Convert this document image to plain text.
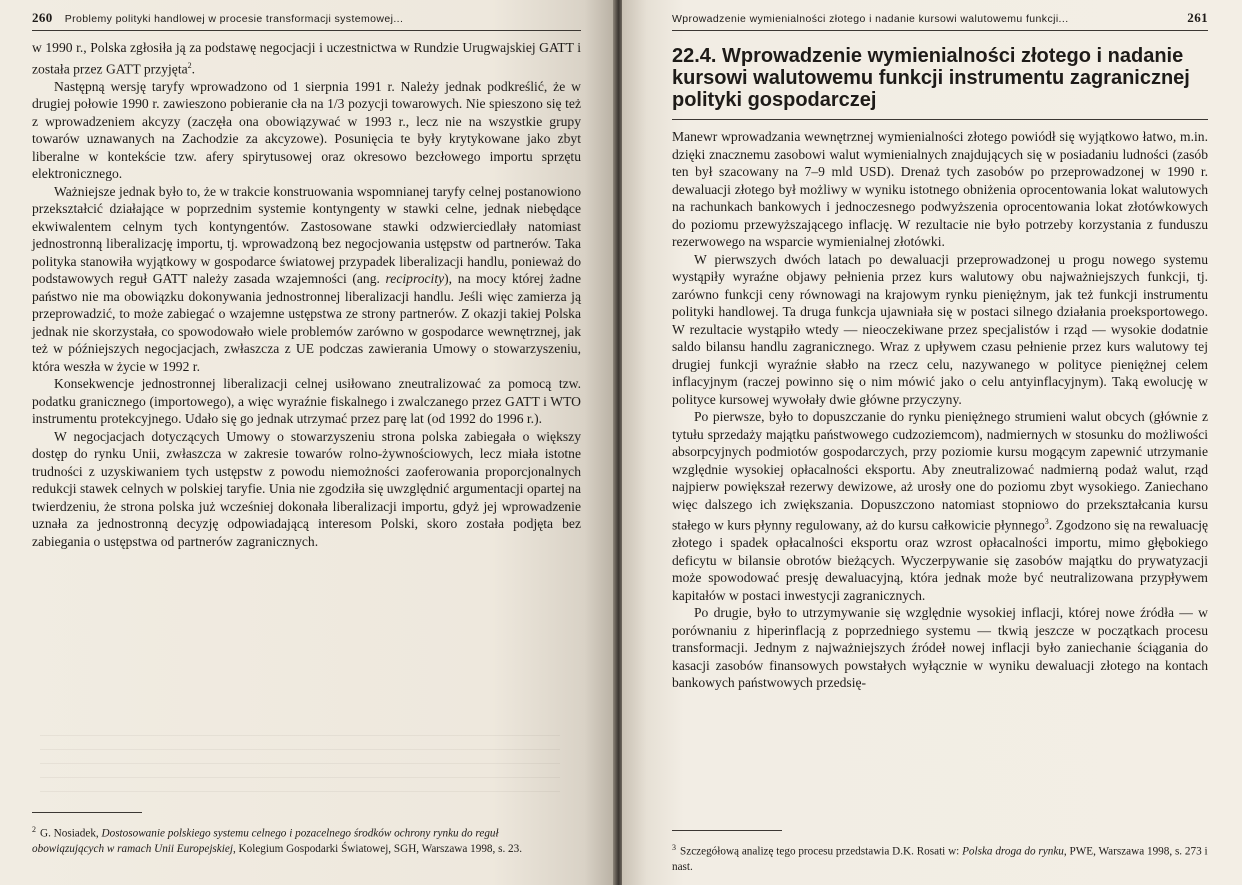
260 Problemy polityki handlowej w procesie transformacji systemowej...

w 1990 r., Polska zgłosiła ją za podstawę negocjacji i uczestnictwa w Rundzie Urugwajskiej GATT i została przez GATT przyjęta$^2$.

Następną wersję taryfy wprowadzono od 1 sierpnia 1991 r. Należy jednak podkreślić, że w drugiej połowie 1990 r. zawieszono pobieranie cła na 1/3 pozycji towarowych. Nie spieszono się też z wprowadzeniem akcyzy (zaczęła ona obowiązywać w 1993 r., lecz nie na wszystkie grupy towarów uznawanych na Zachodzie za akcyzowe). Posunięcia te były krytykowane jako zbyt liberalne w kontekście tzw. afery spirytusowej oraz okresowo bezcłowego importu sprzętu elektronicznego.

Ważniejsze jednak było to, że w trakcie konstruowania wspomnianej taryfy celnej postanowiono przekształcić działające w poprzednim systemie kontyngenty w stawki celne, jednak niebędące ekwiwalentem celnym tych kontyngentów. Zastosowane stawki odzwierciedlały natomiast jednostronną liberalizację importu, tj. wprowadzoną bez negocjowania ustępstw od partnerów. Taka polityka stanowiła wyjątkowy w gospodarce światowej przypadek liberalizacji handlu, ponieważ do podstawowych reguł GATT należy zasada wzajemności (ang. reciprocity), na mocy której żadne państwo nie ma obowiązku dokonywania jednostronnej liberalizacji handlu. Jeśli więc zamierza ją przeprowadzić, to może zabiegać o wzajemne ustępstwa ze strony partnerów. Z okazji takiej Polska jednak nie skorzystała, co spowodowało wiele problemów zarówno w gospodarce wewnętrznej, jak też w późniejszych negocjacjach, zwłaszcza z UE podczas zawierania Umowy o stowarzyszeniu, która weszła w życie w 1992 r.

Konsekwencje jednostronnej liberalizacji celnej usiłowano zneutralizować za pomocą tzw. podatku granicznego (importowego), a więc wyraźnie fiskalnego i zwalczanego przez GATT i WTO instrumentu protekcyjnego. Udało się go jednak utrzymać przez parę lat (od 1992 do 1996 r.).

W negocjacjach dotyczących Umowy o stowarzyszeniu strona polska zabiegała o większy dostęp do rynku Unii, zwłaszcza w zakresie towarów rolno-żywnościowych, lecz miała istotne trudności z uzyskiwaniem tych ustępstw z powodu niemożności zaoferowania proporcjonalnych redukcji stawek celnych w polskiej taryfie. Unia nie zgodziła się uwzględnić argumentacji opartej na twierdzeniu, że strona polska już wcześniej dokonała liberalizacji importu, gdyż jej wprowadzenie uznała za jednostronną decyzję odpowiadającą interesom Polski, skoro została podjęta bez zabiegania o ustępstwa od partnerów zagranicznych.

$^2$ G. Nosiadek, Dostosowanie polskiego systemu celnego i pozacelnego środków ochrony rynku do reguł obowiązujących w ramach Unii Europejskiej, Kolegium Gospodarki Światowej, SGH, Warszawa 1998, s. 23.
Wprowadzenie wymienialności złotego i nadanie kursowi walutowemu funkcji...	261
22.4. Wprowadzenie wymienialności złotego i nadanie kursowi walutowemu funkcji instrumentu zagranicznej polityki gospodarczej

Manewr wprowadzania wewnętrznej wymienialności złotego powiódł się wyjątkowo łatwo, m.in. dzięki znacznemu zasobowi walut wymienialnych znajdujących się w posiadaniu ludności (zasób ten był szacowany na 7–9 mld USD). Drenaż tych zasobów po przeprowadzonej w 1990 r. dewaluacji złotego był możliwy w wyniku istotnego obniżenia oprocentowania lokat walutowych na rachunkach bankowych i jednoczesnego podwyższenia oprocentowania lokat złotówkowych do poziomu przewyższającego inflację. W rezultacie nie było potrzeby korzystania z funduszu rezerwowego na wsparcie wymienialnej złotówki.

W pierwszych dwóch latach po dewaluacji przeprowadzonej u progu nowego systemu wystąpiły wyraźne objawy pełnienia przez kurs walutowy obu najważniejszych funkcji, tj. zarówno funkcji ceny równowagi na krajowym rynku pieniężnym, jak też funkcji instrumentu polityki handlowej. Ta druga funkcja ujawniała się w postaci silnego działania proeksportowego. W rezultacie wystąpiło wtedy — nieoczekiwane przez specjalistów i rząd — wysokie dodatnie saldo bilansu handlu zagranicznego. Wraz z upływem czasu pełnienie przez kurs walutowy tej drugiej funkcji wyraźnie słabło na rzecz celu, nazywanego w polityce pieniężnej celem inflacyjnym (raczej powinno się o nim mówić jako o celu antyinflacyjnym). Taką ewolucję w polityce kursowej wywołały dwie główne przyczyny.

Po pierwsze, było to dopuszczanie do rynku pieniężnego strumieni walut obcych (głównie z tytułu sprzedaży majątku państwowego cudzoziemcom), nadmiernych w stosunku do możliwości absorpcyjnych podmiotów gospodarczych, przy poziomie kursu mogącym zapewnić utrzymanie względnie wysokiej opłacalności eksportu. Aby zneutralizować nadmierną podaż walut, rząd najpierw powiększał rezerwy dewizowe, aż urosły one do poziomu zbyt wysokiego. Zaniechano więc dalszego ich zwiększania. Dopuszczono natomiast stopniowo do przekształcania kursu stałego w kurs płynny regulowany, aż do kursu całkowicie płynnego$^3$. Zgodzono się na rewaluację złotego i spadek opłacalności eksportu oraz wzrost opłacalności importu, mimo głębokiego deficytu w bilansie obrotów bieżących. Wyczerpywanie się zasobów majątku do prywatyzacji może spowodować presję dewaluacyjną, która jednak może być neutralizowana przypływem kapitałów w postaci inwestycji zagranicznych.

Po drugie, było to utrzymywanie się względnie wysokiej inflacji, której nowe źródła — w porównaniu z hiperinflacją z poprzedniego systemu — tkwią jeszcze w początkach procesu transformacji. Jednym z najważniejszych źródeł nowej inflacji było zaniechanie ściągania do kasacji zasobów finansowych powstałych wyłącznie w wyniku dewaluacji złotego na kontach bankowych państwowych przedsię-

$^3$ Szczegółową analizę tego procesu przedstawia D.K. Rosati w: Polska droga do rynku, PWE, Warszawa 1998, s. 273 i nast.
